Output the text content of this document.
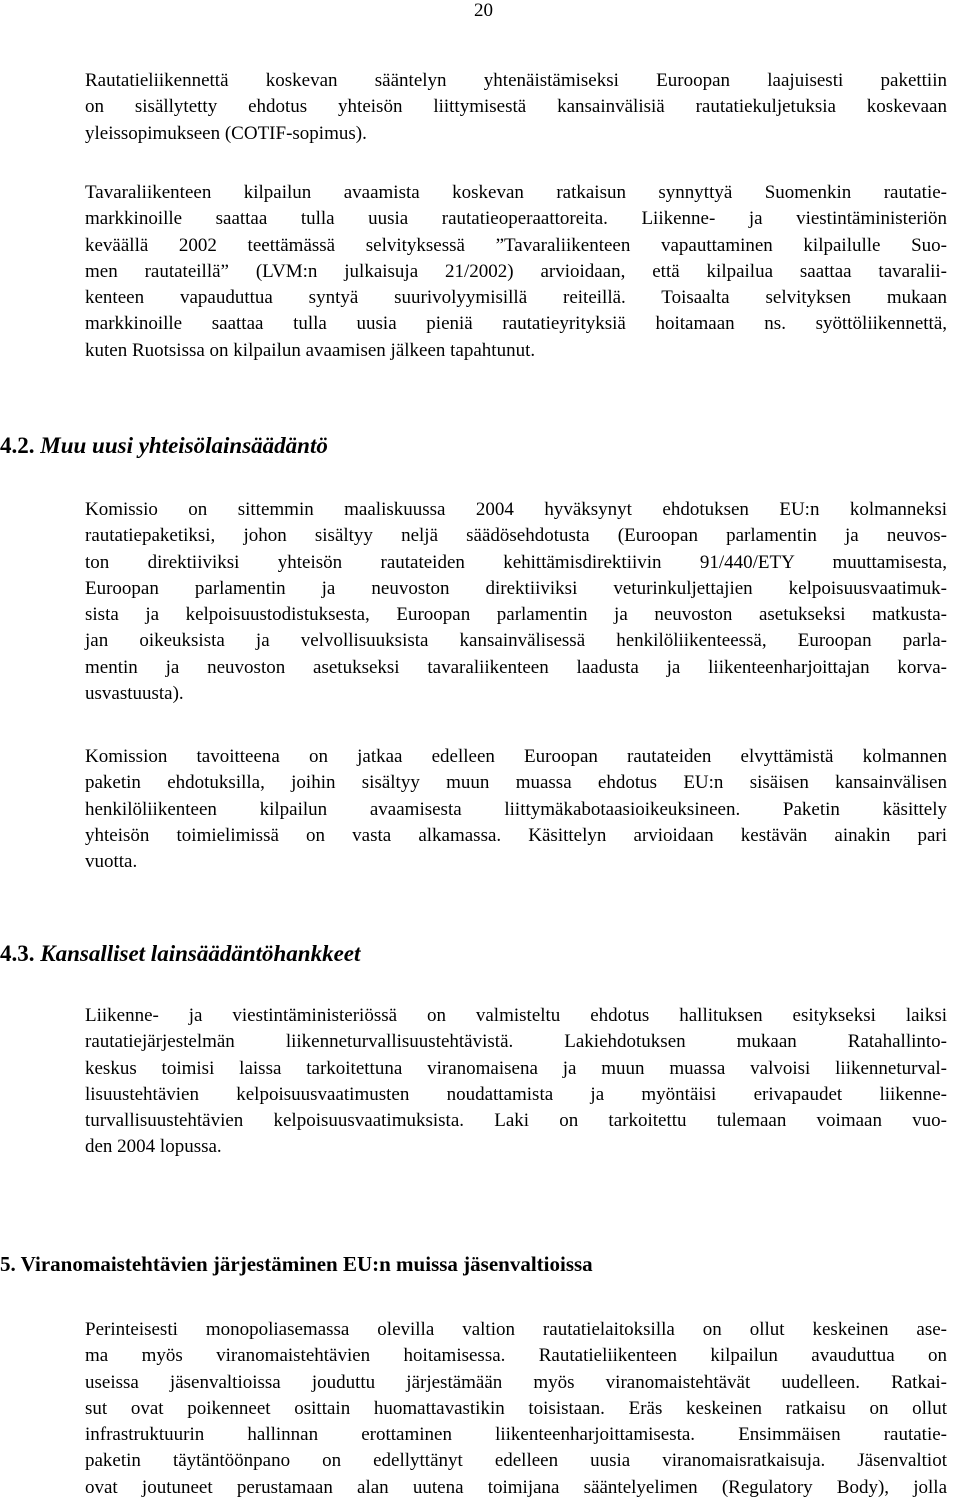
20
Rautatieliikennettä koskevan sääntelyn yhtenäistämiseksi Euroopan laajuisesti pakettiin
on sisällytetty ehdotus yhteisön liittymisestä kansainvälisiä rautatiekuljetuksia koskevaan
yleissopimukseen (COTIF-sopimus).
Tavaraliikenteen kilpailun avaamista koskevan ratkaisun synnyttyä Suomenkin rautatie-
markkinoille saattaa tulla uusia rautatieoperaattoreita. Liikenne- ja viestintäministeriön
keväällä 2002 teettämässä selvityksessä ”Tavaraliikenteen vapauttaminen kilpailulle Suo-
men rautateillä” (LVM:n julkaisuja 21/2002) arvioidaan, että kilpailua saattaa tavaralii-
kenteen vapauduttua syntyä suurivolyymisillä reiteillä. Toisaalta selvityksen mukaan
markkinoille saattaa tulla uusia pieniä rautatieyrityksiä hoitamaan ns. syöttöliikennettä,
kuten Ruotsissa on kilpailun avaamisen jälkeen tapahtunut.
4.2. Muu uusi yhteisölainsäädäntö
Komissio on sittemmin maaliskuussa 2004 hyväksynyt ehdotuksen EU:n kolmanneksi
rautatiepaketiksi, johon sisältyy neljä säädösehdotusta (Euroopan parlamentin ja neuvos-
ton direktiiviksi yhteisön rautateiden kehittämisdirektiivin 91/440/ETY muuttamisesta,
Euroopan parlamentin ja neuvoston direktiiviksi veturinkuljettajien kelpoisuusvaatimuk-
sista ja kelpoisuustodistuksesta, Euroopan parlamentin ja neuvoston asetukseksi matkusta-
jan oikeuksista ja velvollisuuksista kansainvälisessä henkilöliikenteessä, Euroopan parla-
mentin ja neuvoston asetukseksi tavaraliikenteen laadusta ja liikenteenharjoittajan korva-
usvastuusta).
Komission tavoitteena on jatkaa edelleen Euroopan rautateiden elvyttämistä kolmannen
paketin ehdotuksilla, joihin sisältyy muun muassa ehdotus EU:n sisäisen kansainvälisen
henkilöliikenteen kilpailun avaamisesta liittymäkabotaasioikeuksineen. Paketin käsittely
yhteisön toimielimissä on vasta alkamassa. Käsittelyn arvioidaan kestävän ainakin pari
vuotta.
4.3. Kansalliset lainsäädäntöhankkeet
Liikenne- ja viestintäministeriössä on valmisteltu ehdotus hallituksen esitykseksi laiksi
rautatiejärjestelmän liikenneturvallisuustehtävistä. Lakiehdotuksen mukaan Ratahallinto-
keskus toimisi laissa tarkoitettuna viranomaisena ja muun muassa valvoisi liikenneturval-
lisuustehtävien kelpoisuusvaatimusten noudattamista ja myöntäisi erivapaudet liikenne-
turvallisuustehtävien kelpoisuusvaatimuksista. Laki on tarkoitettu tulemaan voimaan vuo-
den 2004 lopussa.
5. Viranomaistehtävien järjestäminen EU:n muissa jäsenvaltioissa
Perinteisesti monopoliasemassa olevilla valtion rautatielaitoksilla on ollut keskeinen ase-
ma myös viranomaistehtävien hoitamisessa. Rautatieliikenteen kilpailun avauduttua on
useissa jäsenvaltioissa jouduttu järjestämään myös viranomaistehtävät uudelleen. Ratkai-
sut ovat poikenneet osittain huomattavastikin toisistaan. Eräs keskeinen ratkaisu on ollut
infrastruktuurin hallinnan erottaminen liikenteenharjoittamisesta. Ensimmäisen rautatie-
paketin täytäntöönpano on edellyttänyt edelleen uusia viranomaisratkaisuja. Jäsenvaltiot
ovat joutuneet perustamaan alan uutena toimijana sääntelyelimen (Regulatory Body), jolla
